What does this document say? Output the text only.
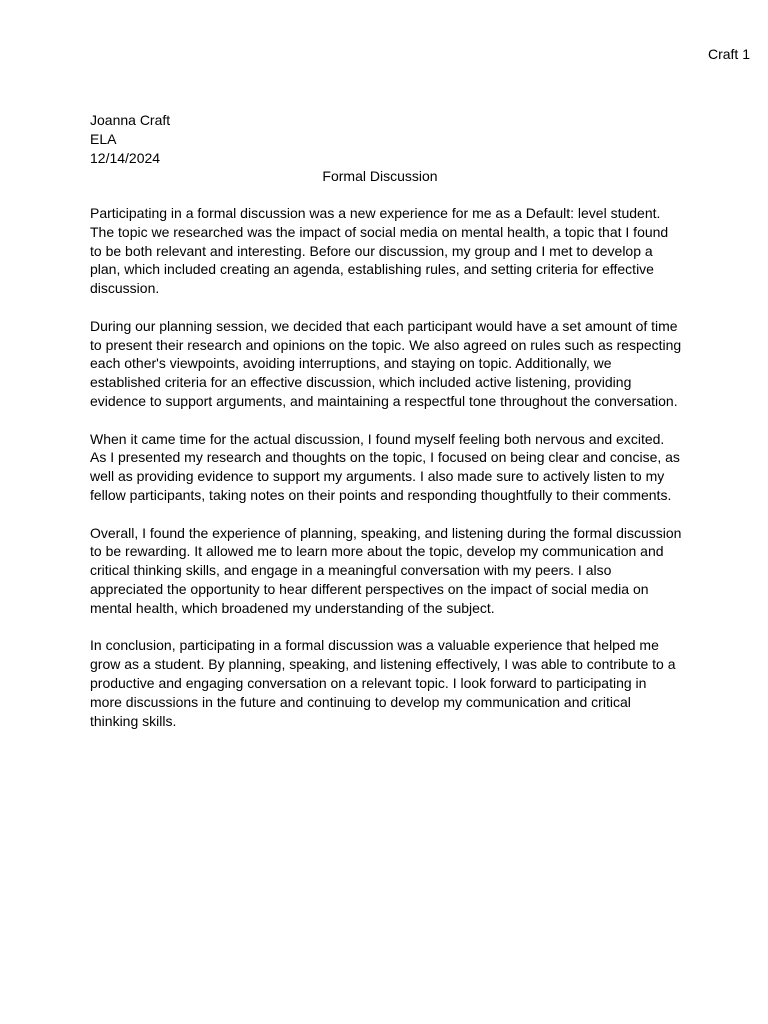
Craft 1
Joanna Craft
ELA
12/14/2024
Formal Discussion

Participating in a formal discussion was a new experience for me as a Default: level student. The topic we researched was the impact of social media on mental health, a topic that I found to be both relevant and interesting. Before our discussion, my group and I met to develop a plan, which included creating an agenda, establishing rules, and setting criteria for effective discussion.

During our planning session, we decided that each participant would have a set amount of time to present their research and opinions on the topic. We also agreed on rules such as respecting each other's viewpoints, avoiding interruptions, and staying on topic. Additionally, we established criteria for an effective discussion, which included active listening, providing evidence to support arguments, and maintaining a respectful tone throughout the conversation.

When it came time for the actual discussion, I found myself feeling both nervous and excited. As I presented my research and thoughts on the topic, I focused on being clear and concise, as well as providing evidence to support my arguments. I also made sure to actively listen to my fellow participants, taking notes on their points and responding thoughtfully to their comments.

Overall, I found the experience of planning, speaking, and listening during the formal discussion to be rewarding. It allowed me to learn more about the topic, develop my communication and critical thinking skills, and engage in a meaningful conversation with my peers. I also appreciated the opportunity to hear different perspectives on the impact of social media on mental health, which broadened my understanding of the subject.

In conclusion, participating in a formal discussion was a valuable experience that helped me grow as a student. By planning, speaking, and listening effectively, I was able to contribute to a productive and engaging conversation on a relevant topic. I look forward to participating in more discussions in the future and continuing to develop my communication and critical thinking skills.
